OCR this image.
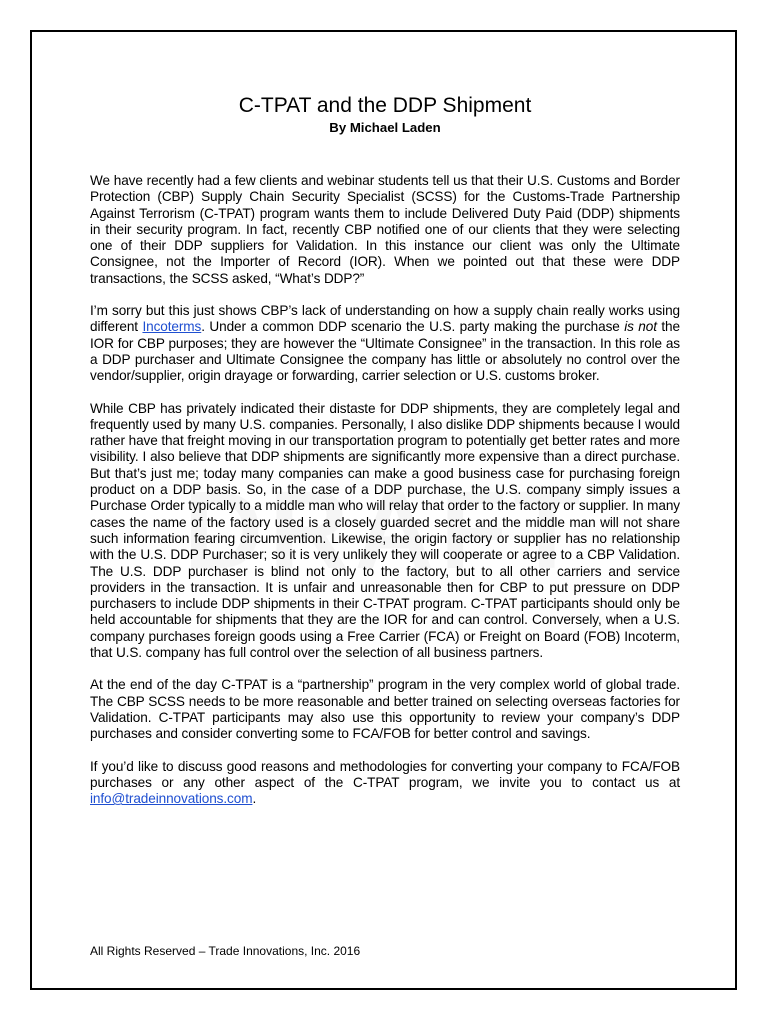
C-TPAT and the DDP Shipment
By Michael Laden

We have recently had a few clients and webinar students tell us that their U.S. Customs and Border Protection (CBP) Supply Chain Security Specialist (SCSS) for the Customs-Trade Partnership Against Terrorism (C-TPAT) program wants them to include Delivered Duty Paid (DDP) shipments in their security program. In fact, recently CBP notified one of our clients that they were selecting one of their DDP suppliers for Validation. In this instance our client was only the Ultimate Consignee, not the Importer of Record (IOR). When we pointed out that these were DDP transactions, the SCSS asked, “What’s DDP?”

I’m sorry but this just shows CBP’s lack of understanding on how a supply chain really works using different Incoterms. Under a common DDP scenario the U.S. party making the purchase is not the IOR for CBP purposes; they are however the “Ultimate Consignee” in the transaction. In this role as a DDP purchaser and Ultimate Consignee the company has little or absolutely no control over the vendor/supplier, origin drayage or forwarding, carrier selection or U.S. customs broker.

While CBP has privately indicated their distaste for DDP shipments, they are completely legal and frequently used by many U.S. companies. Personally, I also dislike DDP shipments because I would rather have that freight moving in our transportation program to potentially get better rates and more visibility. I also believe that DDP shipments are significantly more expensive than a direct purchase. But that’s just me; today many companies can make a good business case for purchasing foreign product on a DDP basis. So, in the case of a DDP purchase, the U.S. company simply issues a Purchase Order typically to a middle man who will relay that order to the factory or supplier. In many cases the name of the factory used is a closely guarded secret and the middle man will not share such information fearing circumvention. Likewise, the origin factory or supplier has no relationship with the U.S. DDP Purchaser; so it is very unlikely they will cooperate or agree to a CBP Validation. The U.S. DDP purchaser is blind not only to the factory, but to all other carriers and service providers in the transaction. It is unfair and unreasonable then for CBP to put pressure on DDP purchasers to include DDP shipments in their C-TPAT program. C-TPAT participants should only be held accountable for shipments that they are the IOR for and can control. Conversely, when a U.S. company purchases foreign goods using a Free Carrier (FCA) or Freight on Board (FOB) Incoterm, that U.S. company has full control over the selection of all business partners.

At the end of the day C-TPAT is a “partnership” program in the very complex world of global trade. The CBP SCSS needs to be more reasonable and better trained on selecting overseas factories for Validation. C-TPAT participants may also use this opportunity to review your company’s DDP purchases and consider converting some to FCA/FOB for better control and savings.

If you’d like to discuss good reasons and methodologies for converting your company to FCA/FOB purchases or any other aspect of the C-TPAT program, we invite you to contact us at info@tradeinnovations.com.

All Rights Reserved – Trade Innovations, Inc. 2016
